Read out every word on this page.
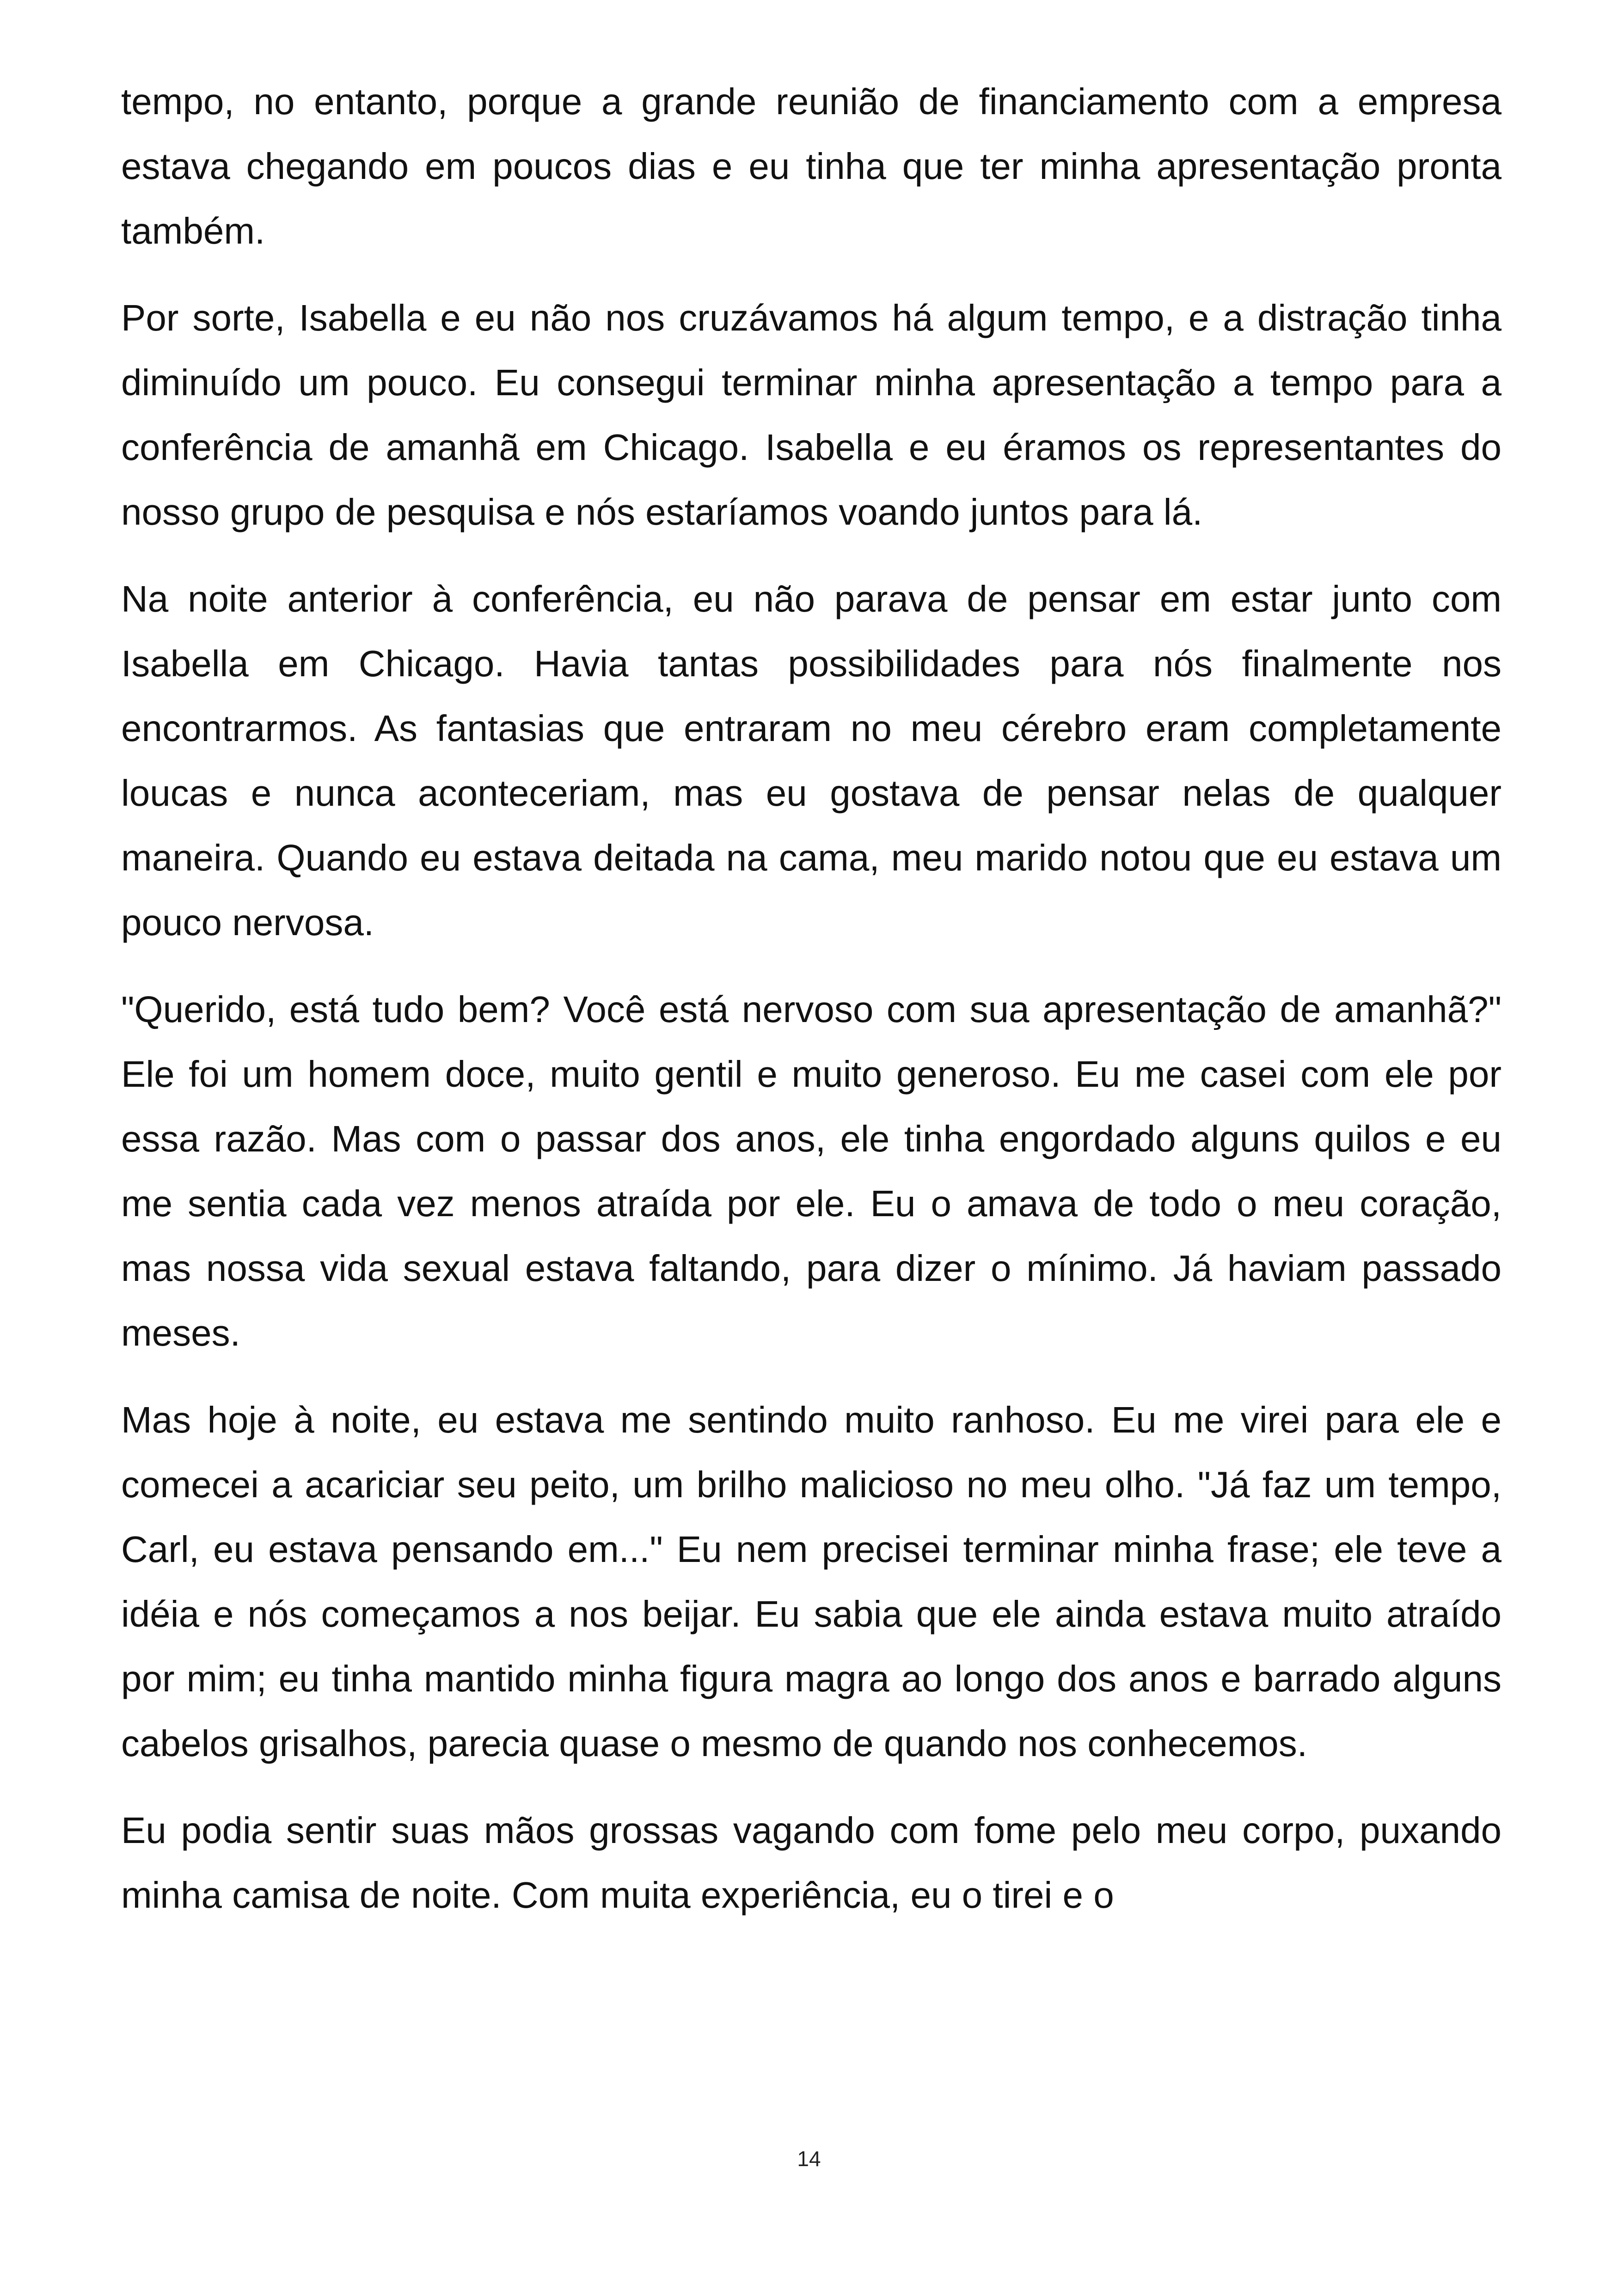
tempo, no entanto, porque a grande reunião de financiamento com a empresa estava chegando em poucos dias e eu tinha que ter minha apresentação pronta também.

Por sorte, Isabella e eu não nos cruzávamos há algum tempo, e a distração tinha diminuído um pouco. Eu consegui terminar minha apresentação a tempo para a conferência de amanhã em Chicago. Isabella e eu éramos os representantes do nosso grupo de pesquisa e nós estaríamos voando juntos para lá.

Na noite anterior à conferência, eu não parava de pensar em estar junto com Isabella em Chicago. Havia tantas possibilidades para nós finalmente nos encontrarmos. As fantasias que entraram no meu cérebro eram completamente loucas e nunca aconteceriam, mas eu gostava de pensar nelas de qualquer maneira. Quando eu estava deitada na cama, meu marido notou que eu estava um pouco nervosa.

"Querido, está tudo bem? Você está nervoso com sua apresentação de amanhã?" Ele foi um homem doce, muito gentil e muito generoso. Eu me casei com ele por essa razão. Mas com o passar dos anos, ele tinha engordado alguns quilos e eu me sentia cada vez menos atraída por ele. Eu o amava de todo o meu coração, mas nossa vida sexual estava faltando, para dizer o mínimo. Já haviam passado meses.

Mas hoje à noite, eu estava me sentindo muito ranhoso. Eu me virei para ele e comecei a acariciar seu peito, um brilho malicioso no meu olho. "Já faz um tempo, Carl, eu estava pensando em..." Eu nem precisei terminar minha frase; ele teve a idéia e nós começamos a nos beijar. Eu sabia que ele ainda estava muito atraído por mim; eu tinha mantido minha figura magra ao longo dos anos e barrado alguns cabelos grisalhos, parecia quase o mesmo de quando nos conhecemos.

Eu podia sentir suas mãos grossas vagando com fome pelo meu corpo, puxando minha camisa de noite. Com muita experiência, eu o tirei e o

14
